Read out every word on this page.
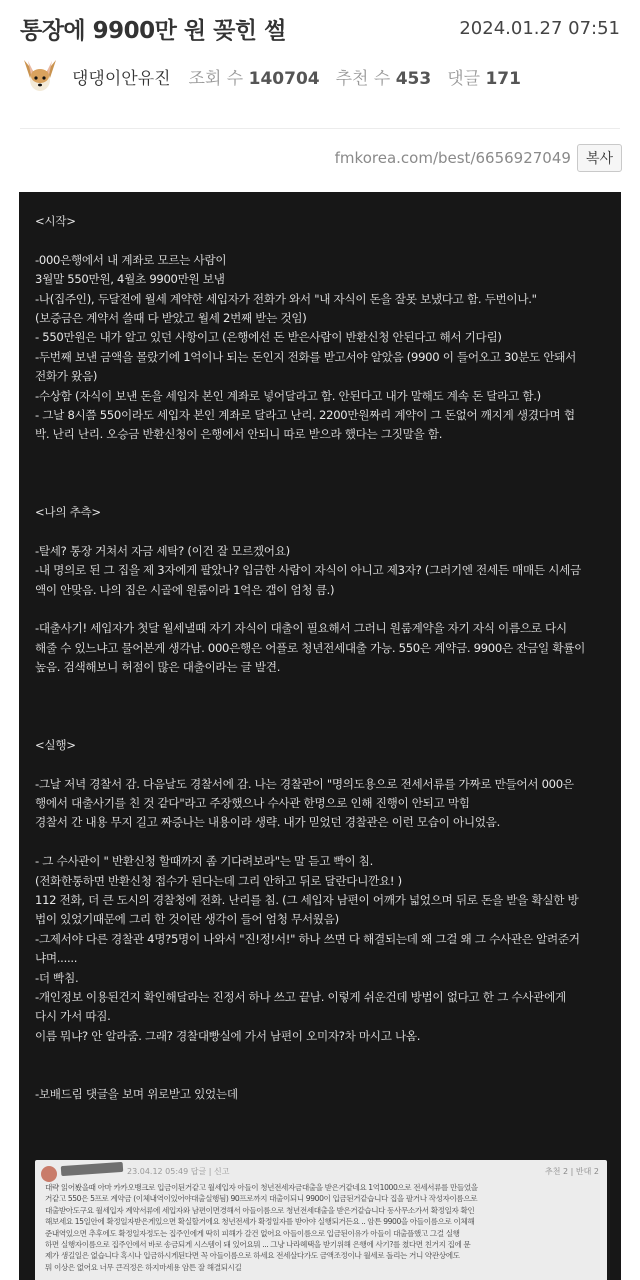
통장에 9900만 원 꽂힌 썰	2024.01.27 07:51
댕댕이안유진 조회 수 140704 추천 수 453 댓글 171
fmkorea.com/best/6656927049	복사
<시작>
-000은행에서 내 계좌로 모르는 사람이
3월말 550만원, 4월초 9900만원 보냄
-나(집주인), 두달전에 월세 계약한 세입자가 전화가 와서 "내 자식이 돈을 잘못 보냈다고 함. 두번이나."
(보증금은 계약서 쓸때 다 받았고 월세 2번째 받는 것임)
- 550만원은 내가 알고 있던 사항이고 (은행에선 돈 받은사람이 반환신청 안된다고 해서 기다림)
-두번째 보낸 금액을 몰랐기에 1억이나 되는 돈인지 전화를 받고서야 알았음 (9900 이 들어오고 30분도 안돼서
전화가 왔음)
-수상함 (자식이 보낸 돈을 세입자 본인 계좌로 넣어달라고 함. 안된다고 내가 말해도 계속 돈 달라고 함.)
- 그날 8시쯤 550이라도 세입자 본인 계좌로 달라고 난리. 2200만원짜리 계약이 그 돈없어 깨지게 생겼다며 협
박. 난리 난리. 오승금 반환신청이 은행에서 안되니 따로 받으라 했다는 그짓말을 함.
<나의 추측>
-탈세? 통장 거쳐서 자금 세탁? (이건 잘 모르겠어요)
-내 명의로 된 그 집을 제 3자에게 팔았나? 입금한 사람이 자식이 아니고 제3자? (그러기엔 전세든 매매든 시세금
액이 안맞음. 나의 집은 시골에 원룸이라 1억은 갭이 엄청 큼.)
-대출사기! 세입자가 첫달 월세낼때 자기 자식이 대출이 필요해서 그러니 원룸계약을 자기 자식 이름으로 다시
해줄 수 있느냐고 물어본게 생각남. 000은행은 어플로 청년전세대출 가능. 550은 계약금. 9900은 잔금일 확률이
높음. 검색해보니 허점이 많은 대출이라는 글 발견.
<실행>
-그날 저녁 경찰서 감. 다음날도 경찰서에 감. 나는 경찰관이 "명의도용으로 전세서류를 가짜로 만들어서 000은
행에서 대출사기를 친 것 같다"라고 주장했으나 수사관 한명으로 인해 진행이 안되고 막힘
경찰서 간 내용 무지 길고 짜증나는 내용이라 생략. 내가 믿었던 경찰관은 이런 모습이 아니었음.
- 그 수사관이 " 반환신청 할때까지 좀 기다려보라"는 말 듣고 빡이 침.
(전화한통하면 반환신청 접수가 된다는데 그리 안하고 뒤로 달란다니깐요! )
112 전화, 더 큰 도시의 경찰청에 전화. 난리를 침. (그 세입자 남편이 어깨가 넓었으며 뒤로 돈을 받을 확실한 방
법이 있었기때문에 그리 한 것이란 생각이 들어 엄청 무서웠음)
-그제서야 다른 경찰관 4명?5명이 나와서 "진!정!서!" 하나 쓰면 다 해결되는데 왜 그걸 왜 그 수사관은 알려준거
냐며......
-더 빡침.
-개인정보 이용된건지 확인해달라는 진정서 하나 쓰고 끝남. 이렇게 쉬운건데 방법이 없다고 한 그 수사관에게
다시 가서 따짐.
이름 뭐냐? 안 알라줌. 그래? 경찰대빵실에 가서 남편이 오미자?차 마시고 나옴.
-보배드림 댓글을 보며 위로받고 있었는데
23.04.12 05:49 답글 | 신고	추천 2 | 반대 2
대략 읽어봤을때 아마 카카오뱅크로 입금이된거같고 월세입자 아들이 청년전세자금대출을 받은거같네요 1억1000으로 전세서류를 만들었을
거같고 550은 5프로 계약금 (이체내역이있어야대출실행됨) 90프로까지 대출이되니 9900이 입금된거같습니다 집을 팔거나 작성자이름으로
대출받아도구요 월세입자 계약서류에 세입자와 남편이면경해서 아들이름으로 청년전세대출을 받은거같습니다 동사무소가서 확정일자 확인
해보세요 15일안에 확정일자받은게있으면 확실할거에요 청년전세가 확정일자를 받아야 실행되거든요 .. 암튼 9900을 아들이름으로 이체해
준내역있으면 추후에도 확정일자정도는 집주인에게 딱히 피해가 갈건 없어요 아들이름으로 입금된이유가 아들이 대출플했고 그걸 실행
하면 실행자이름으로 집주인에서 바로 송금되게 시스템이 돼 있어요뭐 ... 그냥 나라혜택을 받기위해 은행에 사기?를 쳤다면 친거지 집에 문
제가 생길일은 없습니다 혹시나 입금하시게된다면 꼭 아들이름으로 하세요 전세살다가도 금액조정이나 월세로 돌리는 거니 약관상에도
뭐 이상은 없어요 너무 큰걱정은 하지마세용 암튼 잘 해결되시길
